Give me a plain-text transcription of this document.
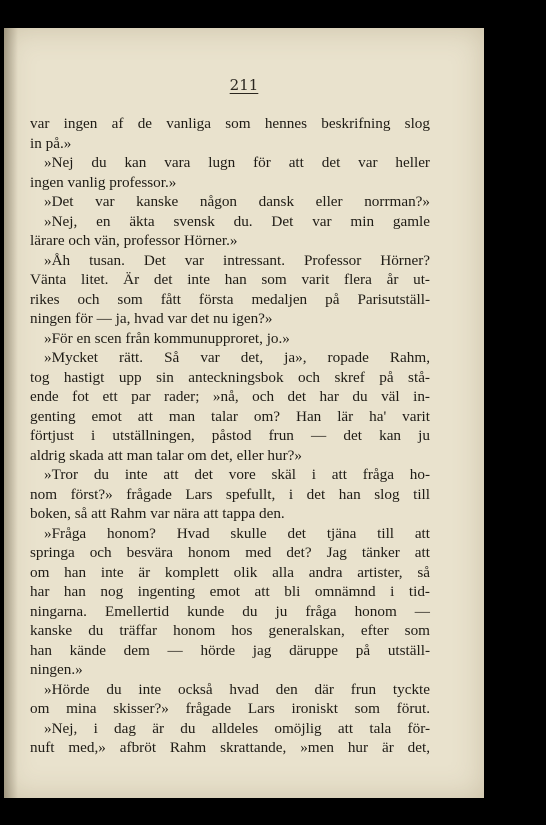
211
var ingen af de vanliga som hennes beskrifning slog
in på.»
»Nej du kan vara lugn för att det var heller
ingen vanlig professor.»
»Det var kanske någon dansk eller norrman?»
»Nej, en äkta svensk du. Det var min gamle
lärare och vän, professor Hörner.»
»Åh tusan. Det var intressant. Professor Hörner?
Vänta litet. Är det inte han som varit flera år ut-
rikes och som fått första medaljen på Parisutställ-
ningen för — ja, hvad var det nu igen?»
»För en scen från kommunupproret, jo.»
»Mycket rätt. Så var det, ja», ropade Rahm,
tog hastigt upp sin anteckningsbok och skref på stå-
ende fot ett par rader; »nå, och det har du väl in-
genting emot att man talar om? Han lär ha' varit
förtjust i utställningen, påstod frun — det kan ju
aldrig skada att man talar om det, eller hur?»
»Tror du inte att det vore skäl i att fråga ho-
nom först?» frågade Lars spefullt, i det han slog till
boken, så att Rahm var nära att tappa den.
»Fråga honom? Hvad skulle det tjäna till att
springa och besvära honom med det? Jag tänker att
om han inte är komplett olik alla andra artister, så
har han nog ingenting emot att bli omnämnd i tid-
ningarna. Emellertid kunde du ju fråga honom —
kanske du träffar honom hos generalskan, efter som
han kände dem — hörde jag däruppe på utställ-
ningen.»
»Hörde du inte också hvad den där frun tyckte
om mina skisser?» frågade Lars ironiskt som förut.
»Nej, i dag är du alldeles omöjlig att tala för-
nuft med,» afbröt Rahm skrattande, »men hur är det,
